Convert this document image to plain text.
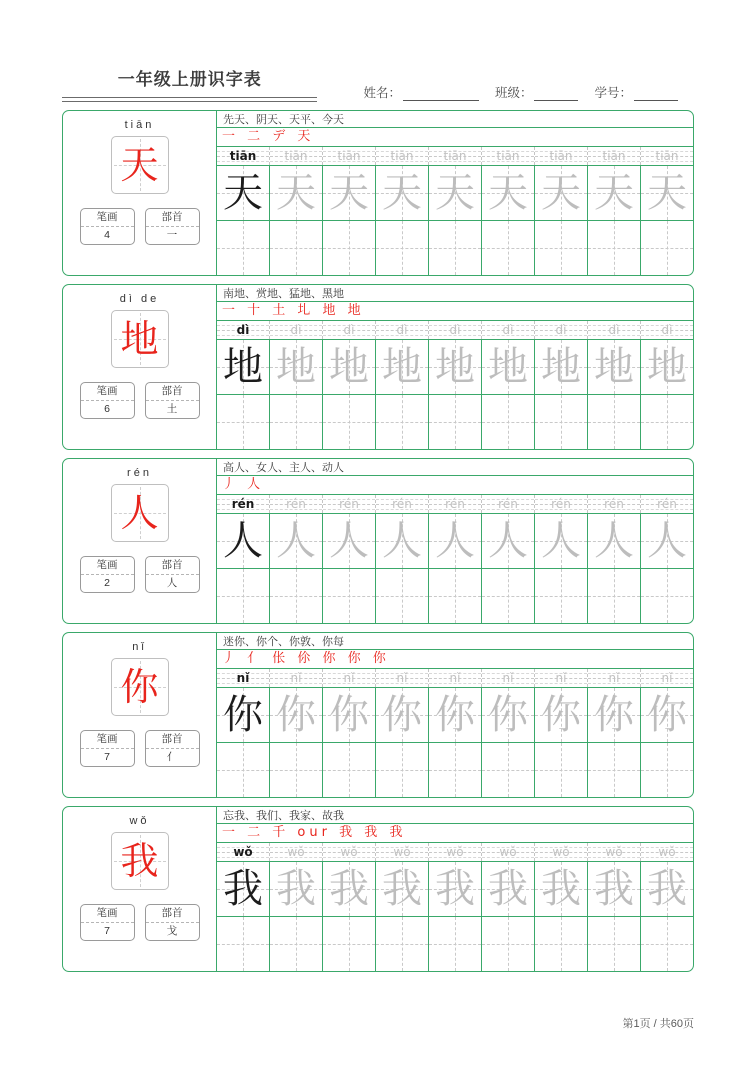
一年级上册识字表
姓名：	班级：	学号：
tiān
天
笔画
4
部首
一
先天、阴天、天平、今天
一 二 デ 天
tiān tiān	tiān	tiān	tiān	tiān	tiān	tiān	tiān
天 天 天 天 天 天 天 天 天
dì de
地
笔画
6
部首
土
南地、赏地、猛地、黑地
一 十 土 圠 地 地
dì	dì	dì	dì	dì	dì	dì	dì	dì
地 地 地 地 地 地 地 地 地
rén
人
笔画
2
部首
人
高人、女人、主人、动人
丿 人
rén	rén	rén	rén	rén	rén	rén	rén	rén
人 人 人 人 人 人 人 人 人
nǐ
你
笔画
7
部首
亻
迷你、你个、你敦、你每
丿 亻 伥 伱 你 你 你
nǐ	nǐ	nǐ	nǐ	nǐ	nǐ	nǐ	nǐ	nǐ
你 你 你 你 你 你 你 你 你
wǒ
我
笔画
7
部首
戈
忘我、我们、我家、故我
一 二 千 our 我 我 我
wǒ	wǒ	wǒ	wǒ	wǒ	wǒ	wǒ	wǒ	wǒ
我 我 我 我 我 我 我 我 我
第1页 / 共60页
